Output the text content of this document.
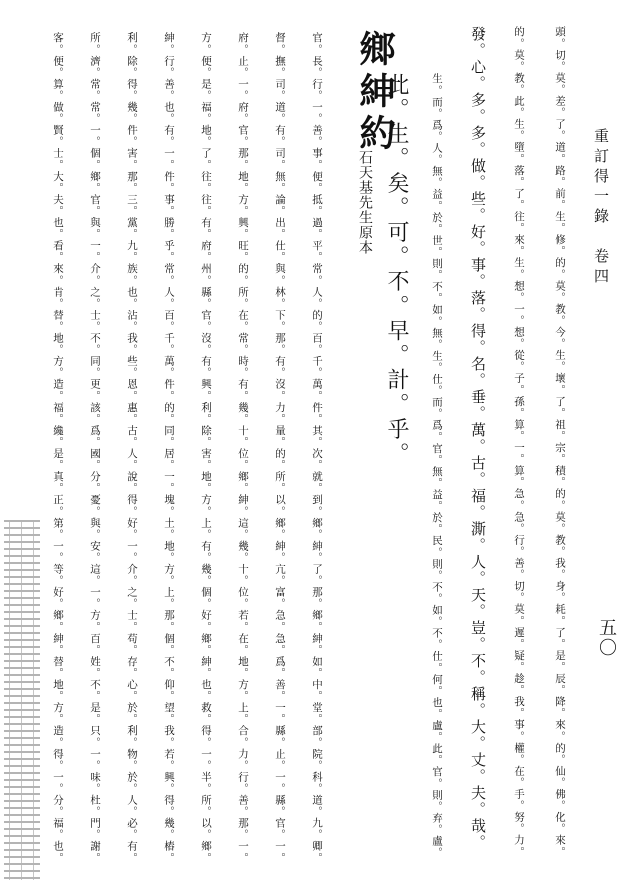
重訂得一錄　卷四
五〇
頭。切。莫。差。了。道。路。前。生。修。的。莫。教。今。生。壞。了。祖。宗。積。的。莫。教。我。身。耗。了。是。辰。降。來。的。仙。佛。化。來。
的。莫。教。此。生。墮。落。了。往。來。生。想。一。想。從。子。孫。算。一。算。急。急。行。善。切。莫。遲。疑。趁。我。事。權。在。手。努。力。
發。心。多。多。做。些。好。事。落。得。名。垂。萬。古。福。澌。人。天。豈。不。稱。大。丈。夫。哉。
生。而。爲。人。無。益。於。世。則。不。如。無。生。仕。而。爲。官。無。益。於。民。則。不。如。不。仕。何。也。盧。此。官。則。弃。盧。
此。生。矣。可。不。早。計。乎。
鄉紳約
石天基先生原本
官。長。行。一。善。事。便。抵。過。平。常。人。的。百。千。萬。件。其。次。就。到。鄉。紳。了。那。鄉。紳。如。中。堂。部。院。科。道。九。卿。
督。撫。司。道。有。司。無。論。出。仕。與。林。下。那。有。沒。力。量。的。所。以。鄉。紳。亢。富。急。急。爲。善。一。縣。止。一。縣。官。一。
府。止。一。府。官。那。地。方。興。旺。的。所。在。常。時。有。幾。十。位。鄉。紳。這。幾。十。位。若。在。地。方。上。合。力。行。善。那。一。
方。便。是。福。地。了。往。往。有。府。州。縣。官。沒。有。興。利。除。害。地。方。上。有。幾。個。好。鄉。紳。也。救。得。一。半。所。以。鄉。
紳。行。善。也。有。一。件。事。勝。乎。常。人。百。千。萬。件。的。同。居。一。塊。土。地。方。上。那。個。不。仰。望。我。若。興。得。幾。樁。
利。除。得。幾。件。害。那。三。黨。九。族。也。沾。我。些。恩。惠。古。人。說。得。好。一。介。之。士。苟。存。心。於。利。物。於。人。必。有。
所。濟。常。常。一。個。鄉。官。與。一。介。之。士。不。同。更。該。爲。國。分。憂。與。安。這。一。方。百。姓。不。是。只。一。味。杜。門。謝。
客。便。算。做。賢。士。大。夫。也。看。來。肯。替。地。方。造。福。纔。是。真。正。第。一。等。好。鄉。紳。替。地。方。造。得。一。分。福。也。
